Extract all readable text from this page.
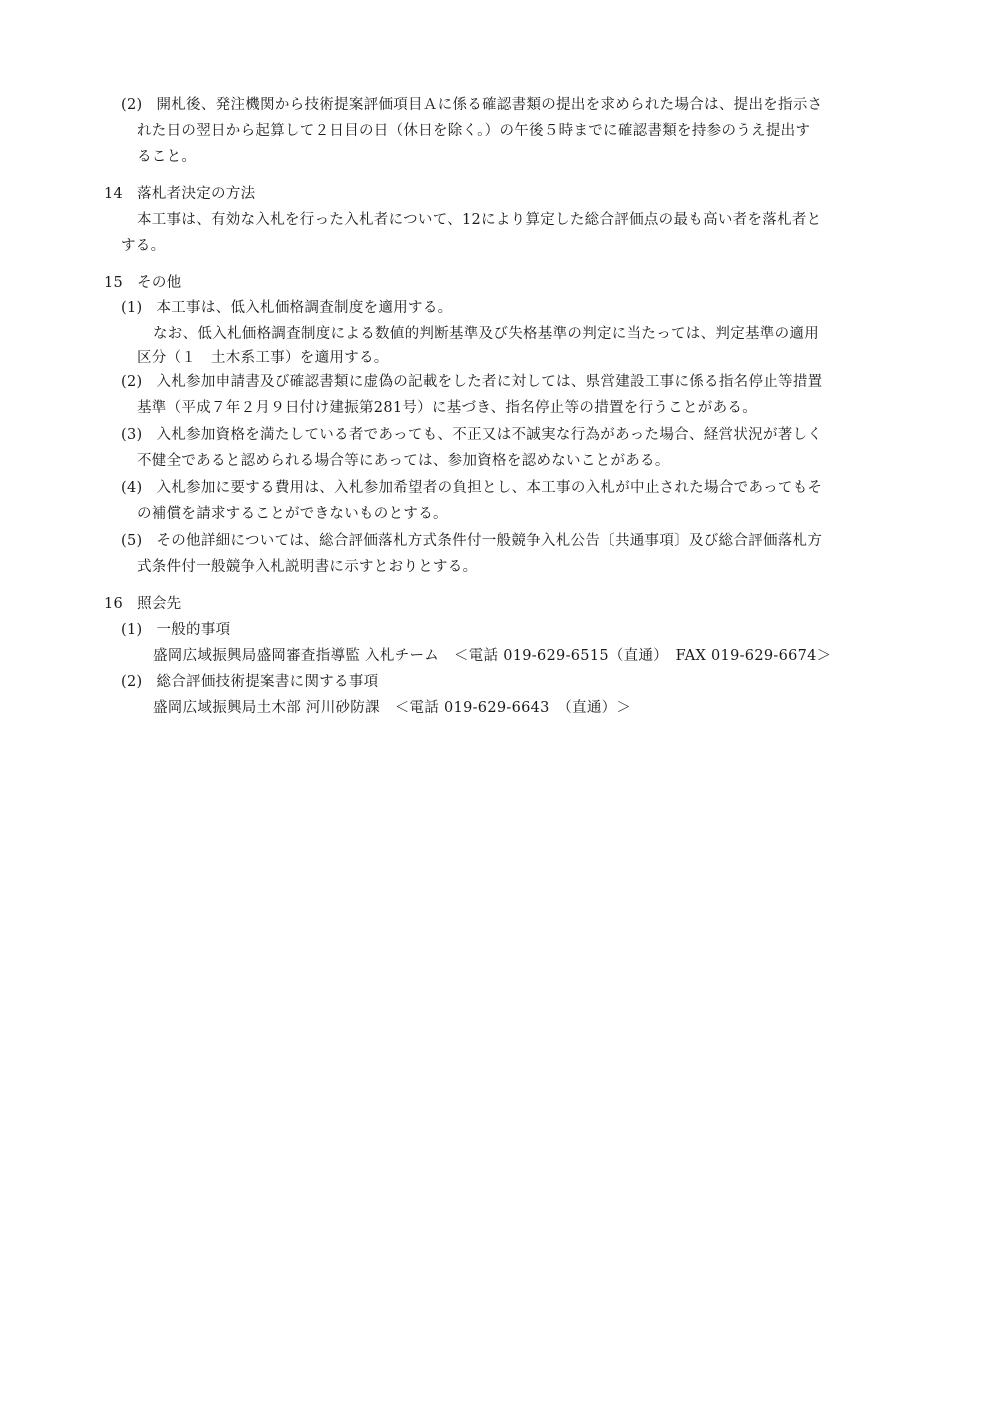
(2) 開札後、発注機関から技術提案評価項目Ａに係る確認書類の提出を求められた場合は、提出を指示さ
れた日の翌日から起算して２日目の日（休日を除く。）の午後５時までに確認書類を持参のうえ提出す
ること。
14 落札者決定の方法
本工事は、有効な入札を行った入札者について、12により算定した総合評価点の最も高い者を落札者と
する。
15 その他
(1) 本工事は、低入札価格調査制度を適用する。
なお、低入札価格調査制度による数値的判断基準及び失格基準の判定に当たっては、判定基準の適用
区分（１　土木系工事）を適用する。
(2) 入札参加申請書及び確認書類に虚偽の記載をした者に対しては、県営建設工事に係る指名停止等措置
基準（平成７年２月９日付け建振第281号）に基づき、指名停止等の措置を行うことがある。
(3) 入札参加資格を満たしている者であっても、不正又は不誠実な行為があった場合、経営状況が著しく
不健全であると認められる場合等にあっては、参加資格を認めないことがある。
(4) 入札参加に要する費用は、入札参加希望者の負担とし、本工事の入札が中止された場合であってもそ
の補償を請求することができないものとする。
(5) その他詳細については、総合評価落札方式条件付一般競争入札公告〔共通事項〕及び総合評価落札方
式条件付一般競争入札説明書に示すとおりとする。
16 照会先
(1) 一般的事項
盛岡広域振興局盛岡審査指導監 入札チーム　＜電話 019-629-6515（直通）　FAX 019-629-6674＞
(2) 総合評価技術提案書に関する事項
盛岡広域振興局土木部 河川砂防課　＜電話 019-629-6643　（直通）＞
